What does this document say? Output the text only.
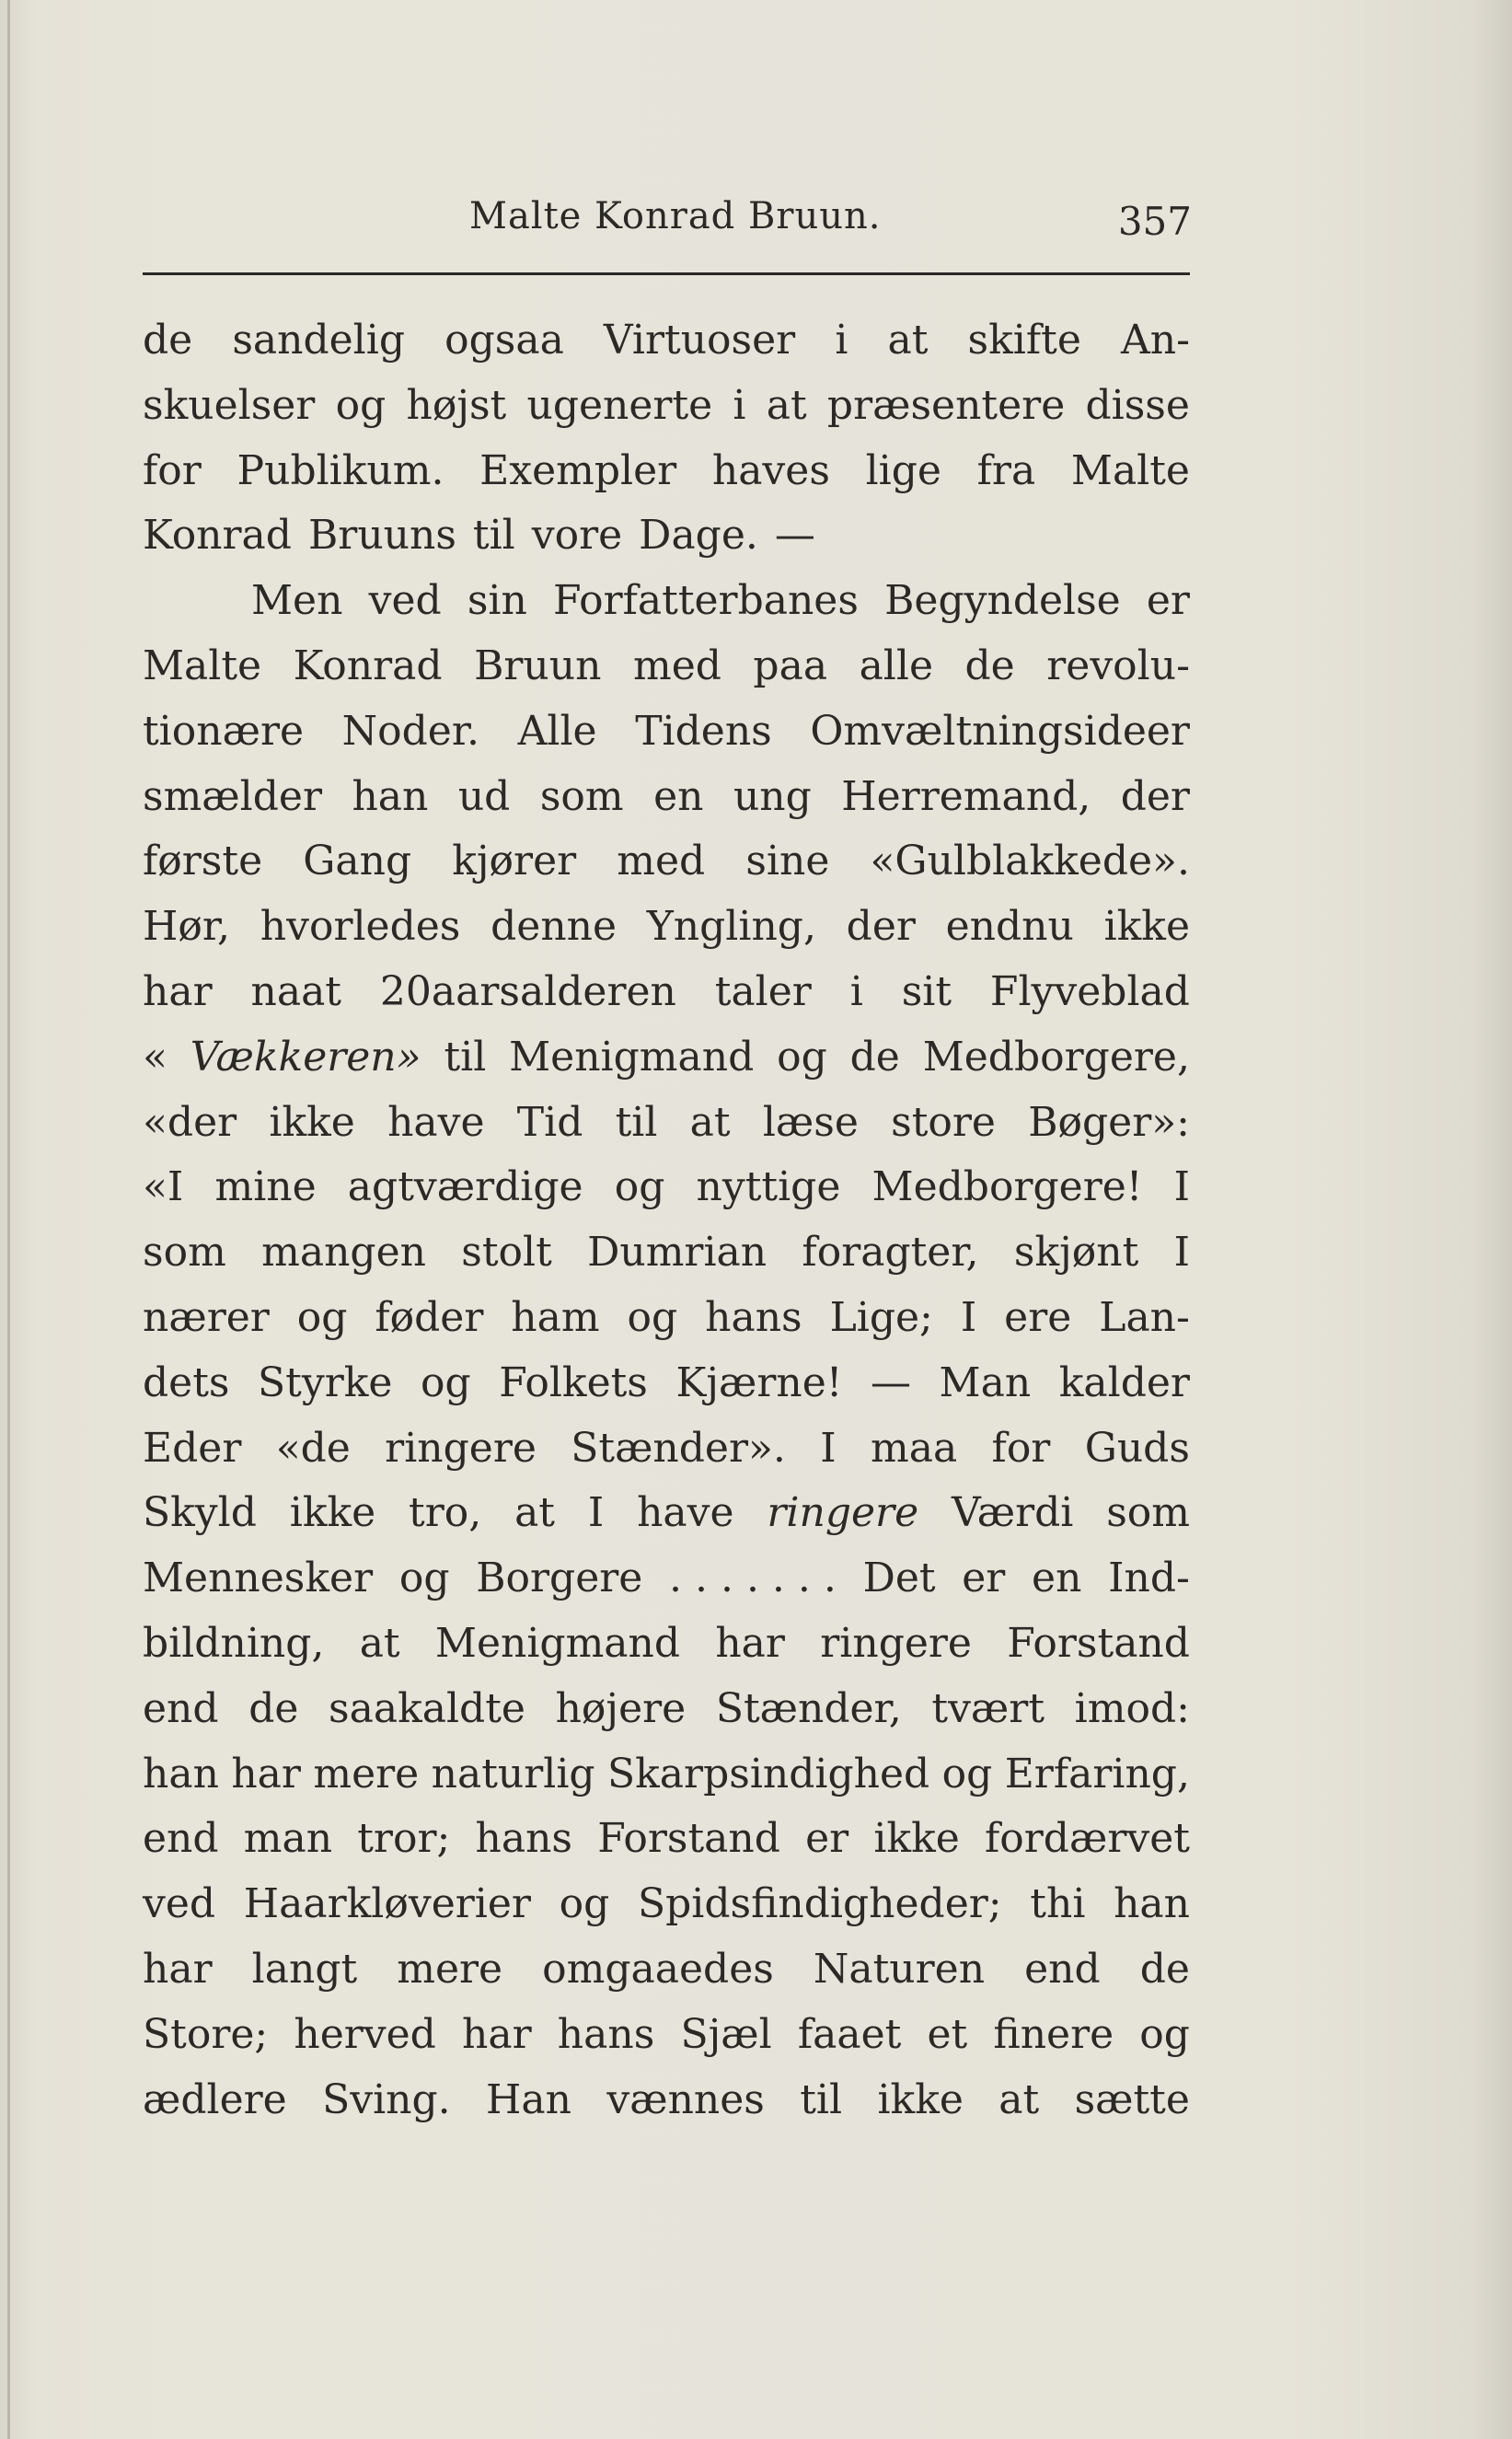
Malte Konrad Bruun.	357
de sandelig ogsaa Virtuoser i at skifte An-
skuelser og højst ugenerte i at præsentere disse
for Publikum. Exempler haves lige fra Malte
Konrad Bruuns til vore Dage. —
Men ved sin Forfatterbanes Begyndelse er
Malte Konrad Bruun med paa alle de revolu-
tionære Noder. Alle Tidens Omvæltningsideer
smælder han ud som en ung Herremand, der
første Gang kjører med sine «Gulblakkede».
Hør, hvorledes denne Yngling, der endnu ikke
har naat 20aarsalderen taler i sit Flyveblad
« Vækkeren» til Menigmand og de Medborgere,
«der ikke have Tid til at læse store Bøger»:
«I mine agtværdige og nyttige Medborgere! I
som mangen stolt Dumrian foragter, skjønt I
nærer og føder ham og hans Lige; I ere Lan-
dets Styrke og Folkets Kjærne! — Man kalder
Eder «de ringere Stænder». I maa for Guds
Skyld ikke tro, at I have ringere Værdi som
Mennesker og Borgere . . . . . . . Det er en Ind-
bildning, at Menigmand har ringere Forstand
end de saakaldte højere Stænder, tvært imod:
han har mere naturlig Skarpsindighed og Erfaring,
end man tror; hans Forstand er ikke fordærvet
ved Haarkløverier og Spidsfindigheder; thi han
har langt mere omgaaedes Naturen end de
Store; herved har hans Sjæl faaet et finere og
ædlere Sving. Han vænnes til ikke at sætte
